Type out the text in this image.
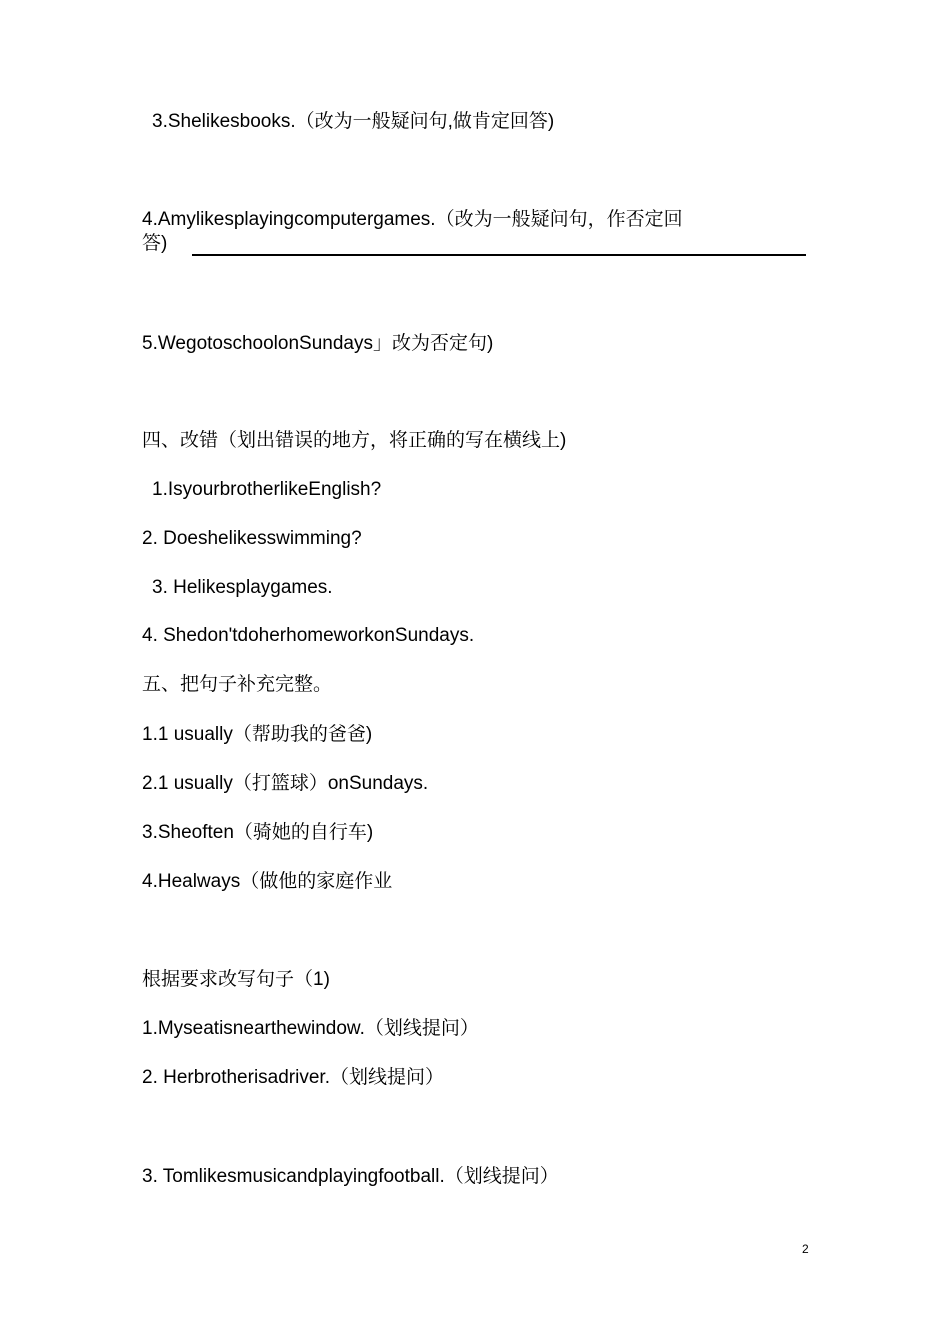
3.Shelikesbooks.（改为一般疑问句,做肯定回答)
4.Amylikesplayingcomputergames.（改为一般疑问句，作否定回
答)
5.WegotoschoolonSundays」改为否定句)
四、改错（划出错误的地方，将正确的写在横线上)
1.IsyourbrotherlikeEnglish?
2. Doeshelikesswimming?
3. Helikesplaygames.
4. Shedon'tdoherhomeworkonSundays.
五、把句子补充完整。
1.1 usually（帮助我的爸爸)
2.1 usually（打篮球）onSundays.
3.Sheoften（骑她的自行车)
4.Healways（做他的家庭作业
根据要求改写句子（1)
1.Myseatisnearthewindow.（划线提问）
2. Herbrotherisadriver.（划线提问）
3. Tomlikesmusicandplayingfootball.（划线提问）
2
